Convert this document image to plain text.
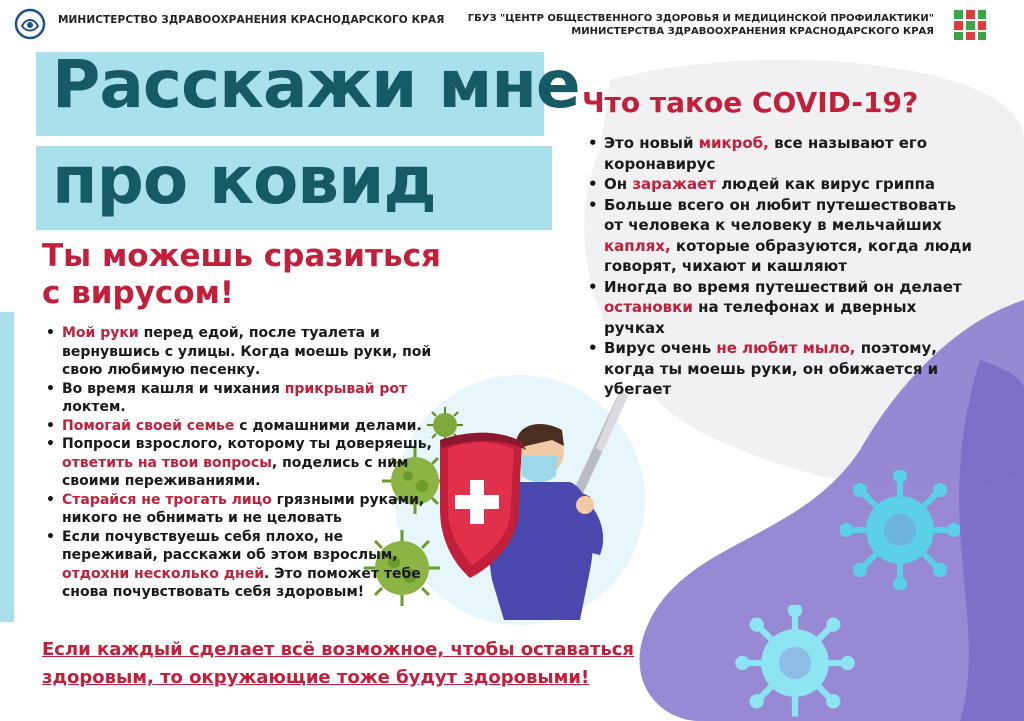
МИНИСТЕРСТВО ЗДРАВООХРАНЕНИЯ КРАСНОДАРСКОГО КРАЯ ГБУЗ "ЦЕНТР ОБЩЕСТВЕННОГО ЗДОРОВЬЯ И МЕДИЦИНСКОЙ ПРОФИЛАКТИКИ"
МИНИСТЕРСТВА ЗДРАВООХРАНЕНИЯ КРАСНОДАРСКОГО КРАЯ
Расскажи мне
про ковид
Ты можешь сразиться
с вирусом!
• Мой руки перед едой, после туалета и вернувшись с улицы. Когда моешь руки, пой свою любимую песенку.
• Во время кашля и чихания прикрывай рот локтем.
• Помогай своей семье с домашними делами.
• Попроси взрослого, которому ты доверяешь, ответить на твои вопросы, поделись с ним своими переживаниями.
• Старайся не трогать лицо грязными руками, никого не обнимать и не целовать
• Если почувствуешь себя плохо, не переживай, расскажи об этом взрослым, отдохни несколько дней. Это поможет тебе снова почувствовать себя здоровым!
Что такое COVID-19?
• Это новый микроб, все называют его коронавирус
• Он заражает людей как вирус гриппа
• Больше всего он любит путешествовать от человека к человеку в мельчайших каплях, которые образуются, когда люди говорят, чихают и кашляют
• Иногда во время путешествий он делает остановки на телефонах и дверных ручках
• Вирус очень не любит мыло, поэтому, когда ты моешь руки, он обижается и убегает
Если каждый сделает всё возможное, чтобы оставаться
здоровым, то окружающие тоже будут здоровыми!
